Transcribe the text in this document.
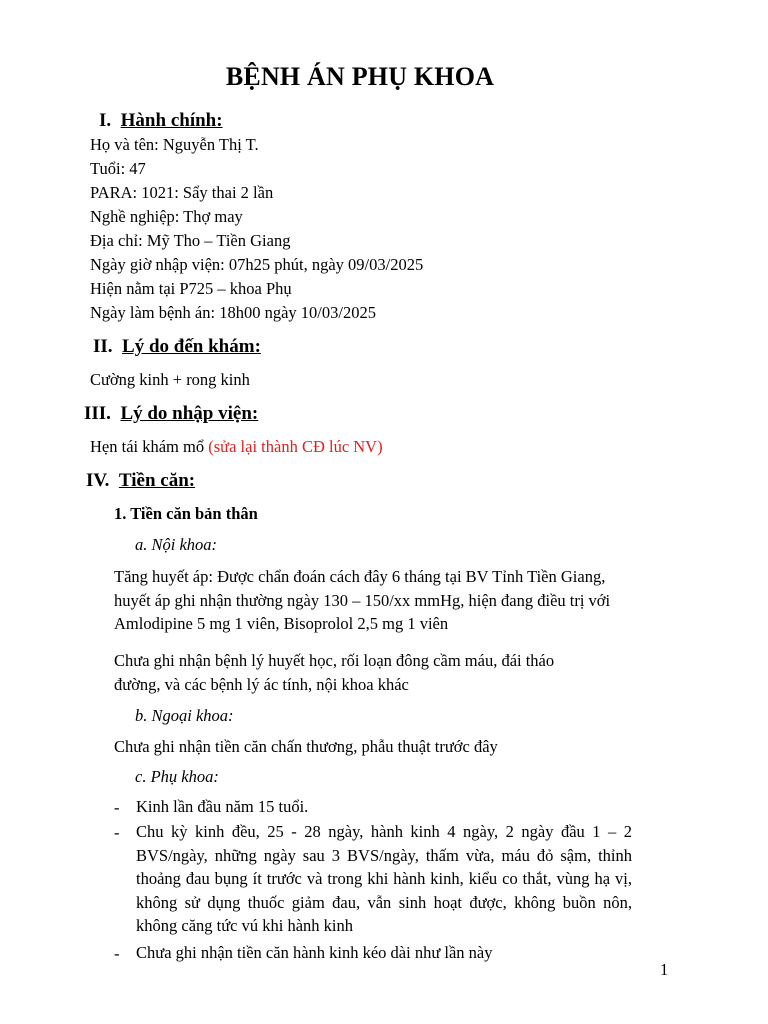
BỆNH ÁN PHỤ KHOA
I. Hành chính:
Họ và tên: Nguyễn Thị T.
Tuổi: 47
PARA: 1021: Sẩy thai 2 lần
Nghề nghiệp: Thợ may
Địa chỉ: Mỹ Tho – Tiền Giang
Ngày giờ nhập viện: 07h25 phút, ngày 09/03/2025
Hiện nằm tại P725 – khoa Phụ
Ngày làm bệnh án: 18h00 ngày 10/03/2025
II. Lý do đến khám:
Cường kinh + rong kinh
III. Lý do nhập viện:
Hẹn tái khám mổ (sửa lại thành CĐ lúc NV)
IV. Tiền căn:
1. Tiền căn bản thân
a. Nội khoa:
Tăng huyết áp: Được chẩn đoán cách đây 6 tháng tại BV Tỉnh Tiền Giang, huyết áp ghi nhận thường ngày 130 – 150/xx mmHg, hiện đang điều trị với Amlodipine 5 mg 1 viên, Bisoprolol 2,5 mg 1 viên
Chưa ghi nhận bệnh lý huyết học, rối loạn đông cầm máu, đái tháo đường, và các bệnh lý ác tính, nội khoa khác
b. Ngoại khoa:
Chưa ghi nhận tiền căn chấn thương, phẫu thuật trước đây
c. Phụ khoa:
- Kinh lần đầu năm 15 tuổi.
- Chu kỳ kinh đều, 25 - 28 ngày, hành kinh 4 ngày, 2 ngày đầu 1 – 2 BVS/ngày, những ngày sau 3 BVS/ngày, thấm vừa, máu đỏ sậm, thỉnh thoảng đau bụng ít trước và trong khi hành kinh, kiểu co thắt, vùng hạ vị, không sử dụng thuốc giảm đau, vẫn sinh hoạt được, không buồn nôn, không căng tức vú khi hành kinh
- Chưa ghi nhận tiền căn hành kinh kéo dài như lần này
1
